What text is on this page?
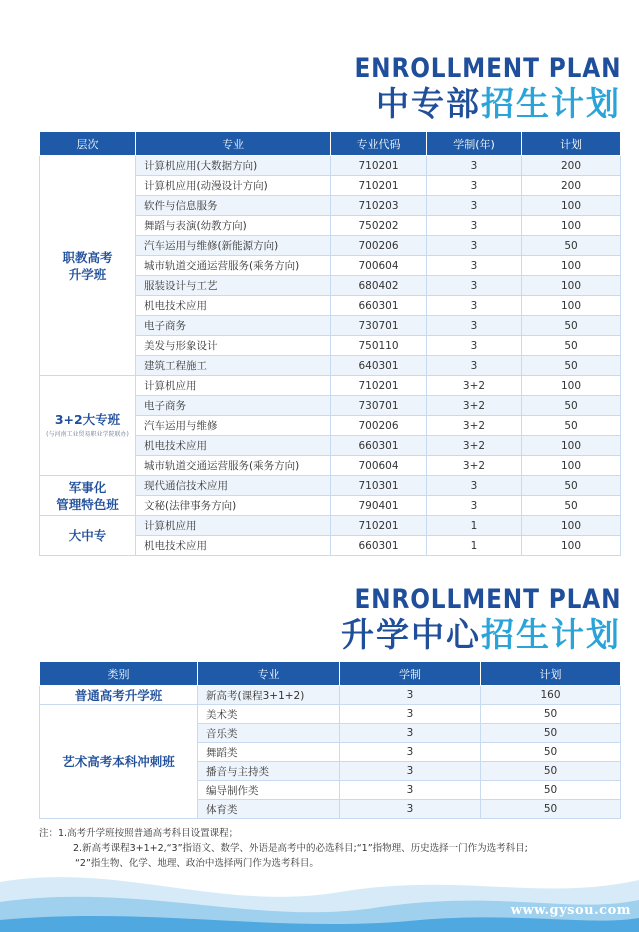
ENROLLMENT PLAN
中专部招生计划
层次	专业	专业代码	学制(年)	计划
职教高考
升学班	计算机应用(大数据方向)	710201	3	200
	计算机应用(动漫设计方向)	710201	3	200
	软件与信息服务	710203	3	100
	舞蹈与表演(幼教方向)	750202	3	100
	汽车运用与维修(新能源方向)	700206	3	50
	城市轨道交通运营服务(乘务方向)	700604	3	100
	服装设计与工艺	680402	3	100
	机电技术应用	660301	3	100
	电子商务	730701	3	50
	美发与形象设计	750110	3	50
	建筑工程施工	640301	3	50
3+2大专班
(与河南工业贸易职业学院联办)	计算机应用	710201	3+2	100
	电子商务	730701	3+2	50
	汽车运用与维修	700206	3+2	50
	机电技术应用	660301	3+2	100
	城市轨道交通运营服务(乘务方向)	700604	3+2	100
军事化
管理特色班	现代通信技术应用	710301	3	50
	文秘(法律事务方向)	790401	3	50
大中专	计算机应用	710201	1	100
	机电技术应用	660301	1	100
ENROLLMENT PLAN
升学中心招生计划
类别	专业	学制	计划
普通高考升学班	新高考(课程3+1+2)	3	160
艺术高考本科冲刺班	美术类	3	50
	音乐类	3	50
	舞蹈类	3	50
	播音与主持类	3	50
	编导制作类	3	50
	体育类	3	50
注：1.高考升学班按照普通高考科目设置课程；
2.新高考课程3+1+2,“3”指语文、数学、外语是高考中的必选科目;“1”指物理、历史选择一门作为选考科目;
“2”指生物、化学、地理、政治中选择两门作为选考科目。
www.gysou.com
